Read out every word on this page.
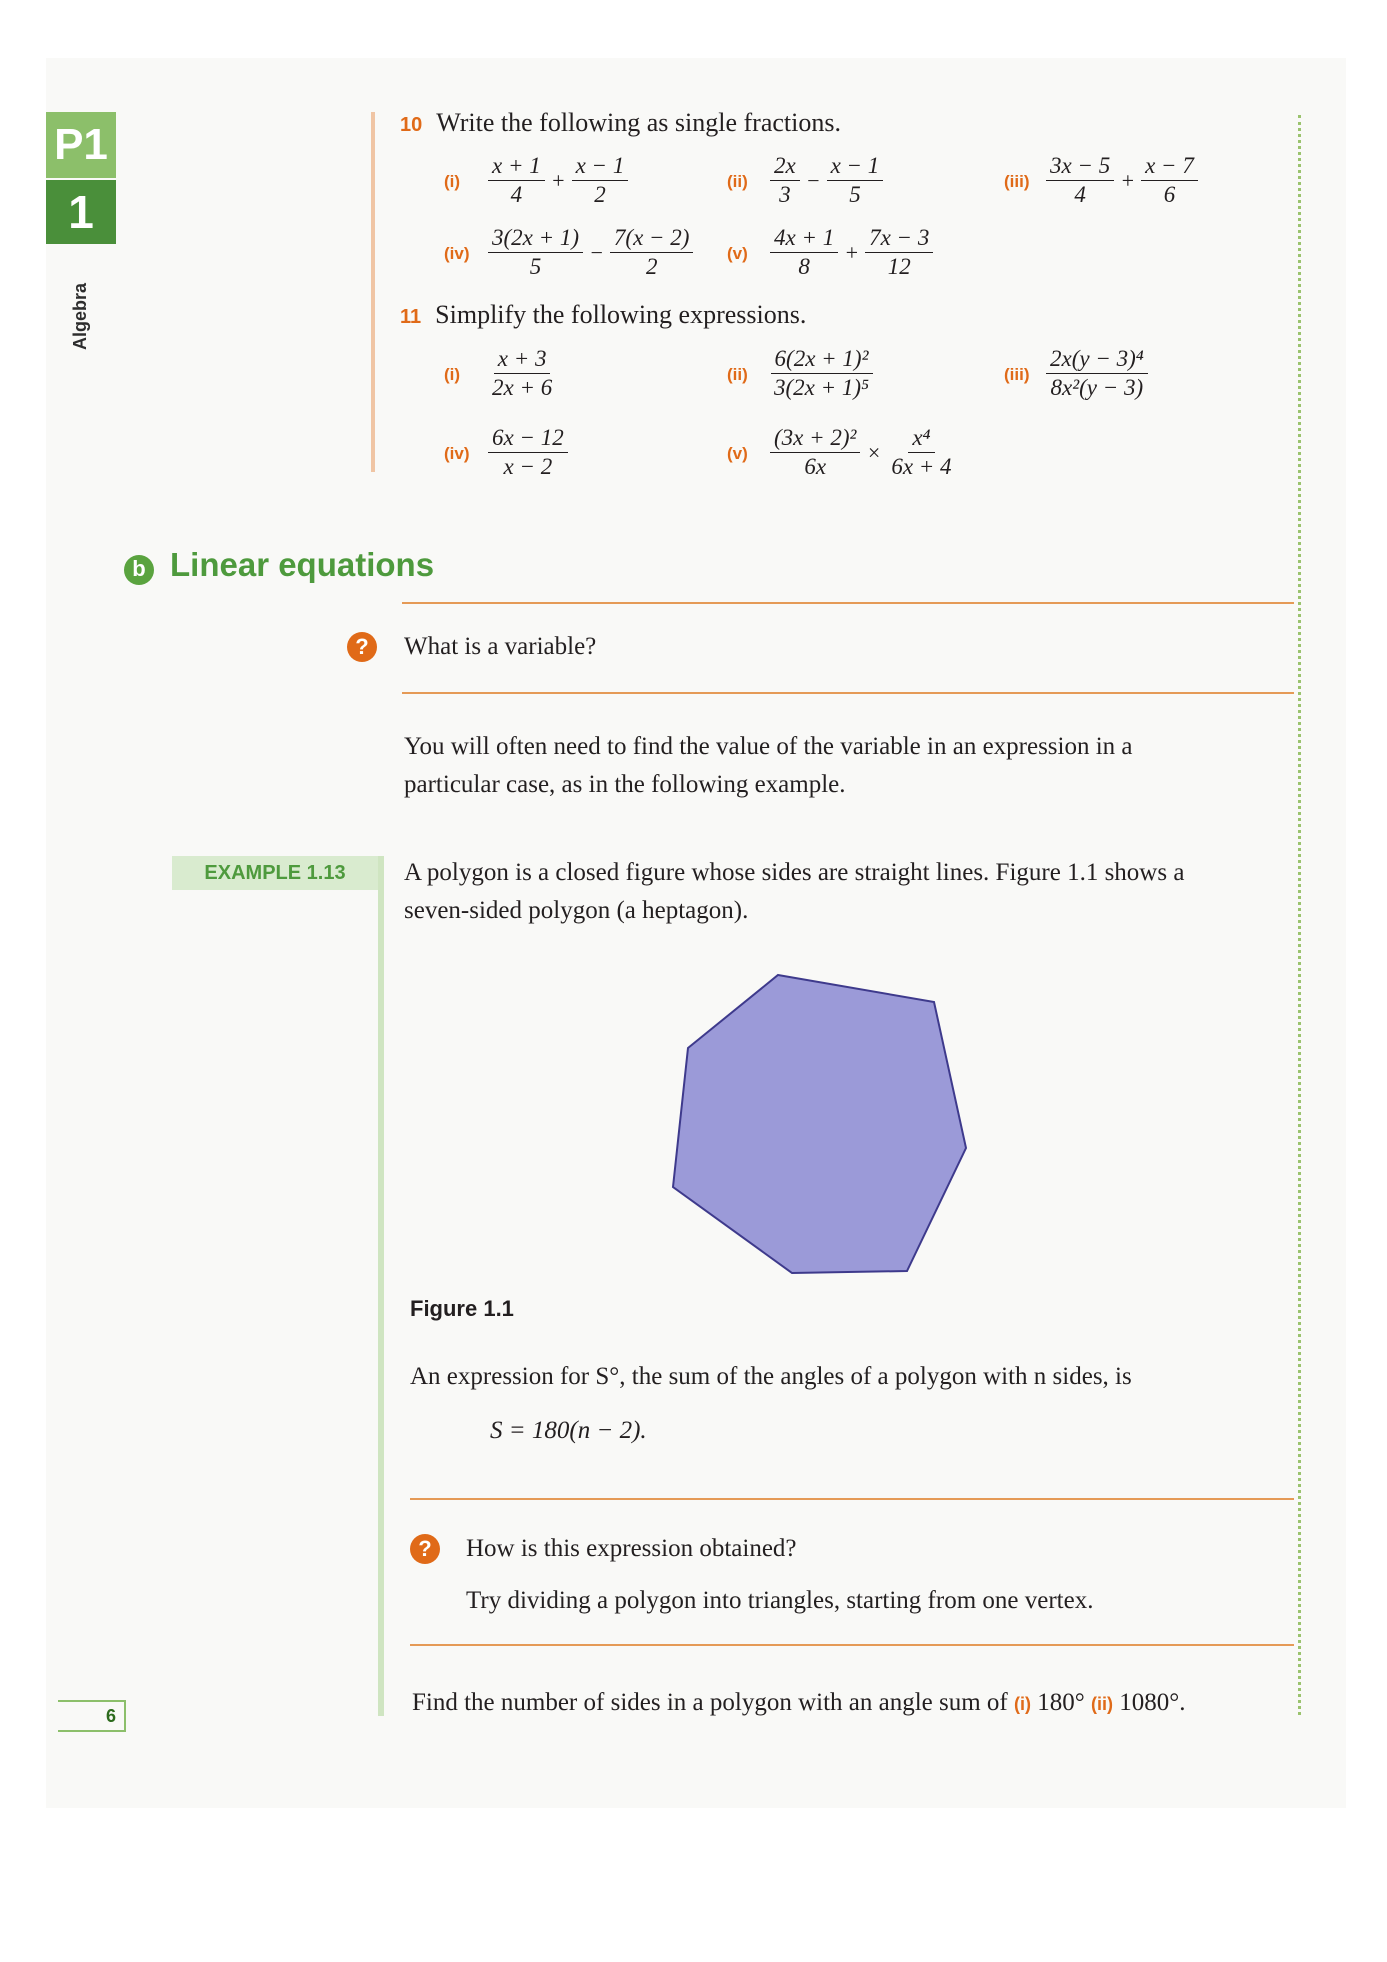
P1
1
Algebra
10 Write the following as single fractions.
$(i) \frac{x + 1}{4} + \frac{x - 1}{2}$	$(ii) \frac{2x}{3} - \frac{x - 1}{5}$	$(iii) \frac{3x - 5}{4} + \frac{x - 7}{6}$
$(iv) \frac{3(2x + 1)}{5} - \frac{7(x - 2)}{2} (v) \frac{4x + 1}{8} + \frac{7x - 3}{12}$
11 Simplify the following expressions.
$(i) \frac{x + 3}{2x + 6}$	$(ii) \frac{\text{6(2x + 1)²}}{\text{3(2x + 1)⁵}}$	$(iii) \frac{\text{2x(y − 3)⁴}}{\text{8x²(y − 3)}}$
$(iv) \frac{6x - 12}{x - 2}$	$(v) \frac{\text{(3x + 2)²}}{6x} \times \frac{\text{x⁴}}{6x + 4}$
b Linear equations
?	What is a variable?
You will often need to find the value of the variable in an expression in a
particular case, as in the following example.
EXAMPLE 1.13	A polygon is a closed figure whose sides are straight lines. Figure 1.1 shows a
seven-sided polygon (a heptagon).
Figure 1.1
An expression for S°, the sum of the angles of a polygon with n sides, is
S = 180(n − 2).
?	How is this expression obtained?
Try dividing a polygon into triangles, starting from one vertex.
Find the number of sides in a polygon with an angle sum of (i) 180° (ii) 1080°.
6
